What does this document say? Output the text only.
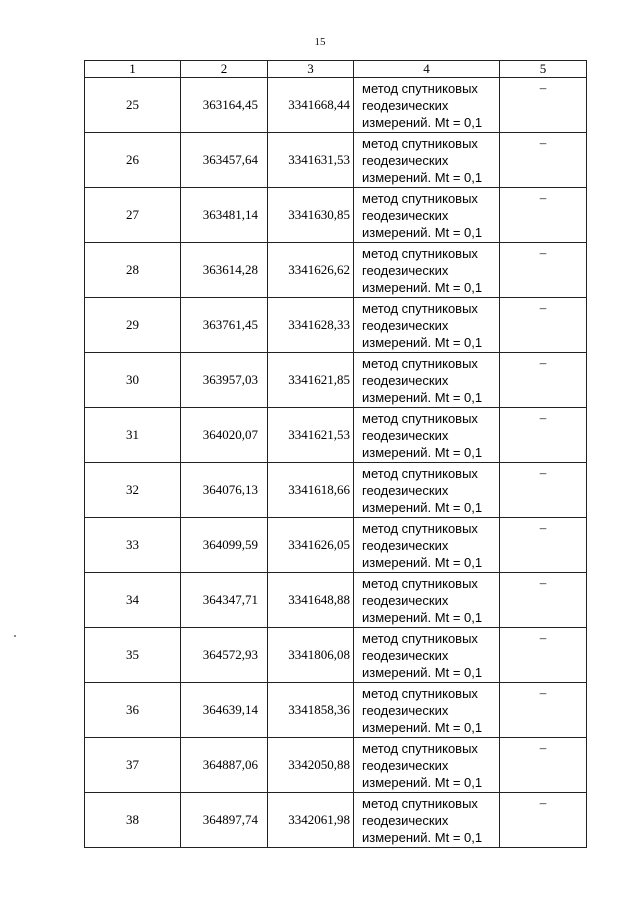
15
1	2	3	4	5
25	363164,45	3341668,44	метод спутниковых
геодезических
измерений. Mt = 0,1	–
26	363457,64	3341631,53	метод спутниковых
геодезических
измерений. Mt = 0,1	–
27	363481,14	3341630,85	метод спутниковых
геодезических
измерений. Mt = 0,1	–
28	363614,28	3341626,62	метод спутниковых
геодезических
измерений. Mt = 0,1	–
29	363761,45	3341628,33	метод спутниковых
геодезических
измерений. Mt = 0,1	–
30	363957,03	3341621,85	метод спутниковых
геодезических
измерений. Mt = 0,1	–
31	364020,07	3341621,53	метод спутниковых
геодезических
измерений. Mt = 0,1	–
32	364076,13	3341618,66	метод спутниковых
геодезических
измерений. Mt = 0,1	–
33	364099,59	3341626,05	метод спутниковых
геодезических
измерений. Mt = 0,1	–
34	364347,71	3341648,88	метод спутниковых
геодезических
измерений. Mt = 0,1	–
35	364572,93	3341806,08	метод спутниковых
геодезических
измерений. Mt = 0,1	–
36	364639,14	3341858,36	метод спутниковых
геодезических
измерений. Mt = 0,1	–
37	364887,06	3342050,88	метод спутниковых
геодезических
измерений. Mt = 0,1	–
38	364897,74	3342061,98	метод спутниковых
геодезических
измерений. Mt = 0,1	–
